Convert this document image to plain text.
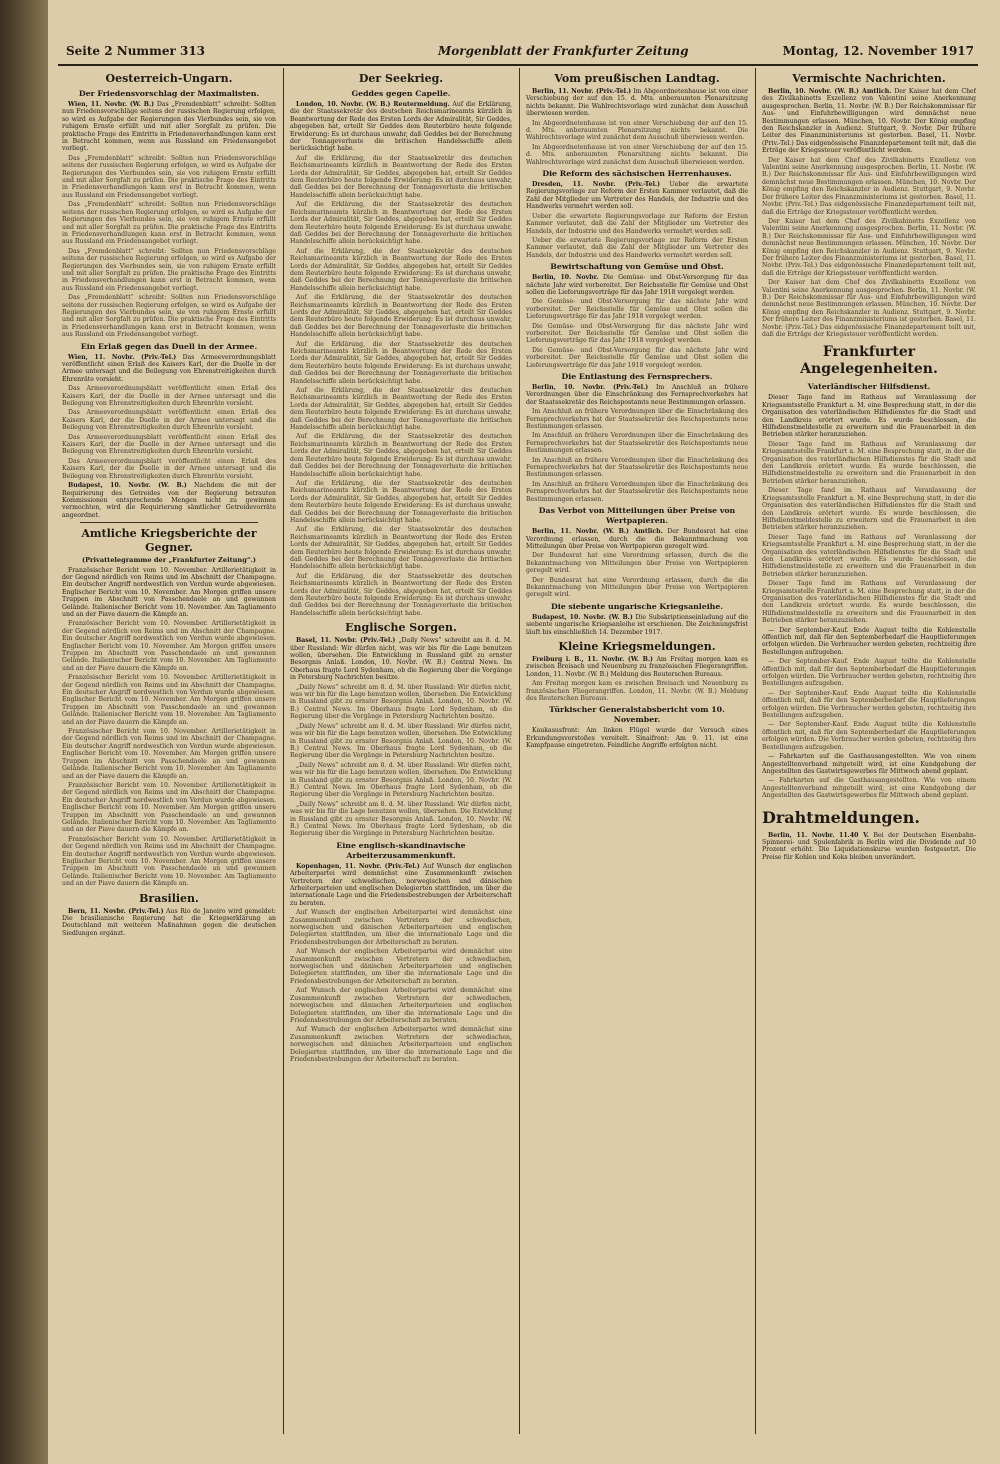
Seite 2 Nummer 313	Morgenblatt der Frankfurter Zeitung	Montag, 12. November 1917
Oesterreich-Ungarn.
Der Friedensvorschlag der Maximalisten.

Wien, 11. Novbr. (W. B.) Das „Fremdenblatt“ schreibt: Sollten nun Friedensvorschläge seitens der russischen Regierung erfolgen, so wird es Aufgabe der Regierungen des Vierbundes sein, sie von ruhigem Ernste erfüllt und mit aller Sorgfalt zu prüfen. Die praktische Frage des Eintritts in Friedensverhandlungen kann erst in Betracht kommen, wenn aus Russland ein Friedensangebot vorliegt.

Das „Fremdenblatt“ schreibt: Sollten nun Friedensvorschläge seitens der russischen Regierung erfolgen, so wird es Aufgabe der Regierungen des Vierbundes sein, sie von ruhigem Ernste erfüllt und mit aller Sorgfalt zu prüfen. Die praktische Frage des Eintritts in Friedensverhandlungen kann erst in Betracht kommen, wenn aus Russland ein Friedensangebot vorliegt.

Das „Fremdenblatt“ schreibt: Sollten nun Friedensvorschläge seitens der russischen Regierung erfolgen, so wird es Aufgabe der Regierungen des Vierbundes sein, sie von ruhigem Ernste erfüllt und mit aller Sorgfalt zu prüfen. Die praktische Frage des Eintritts in Friedensverhandlungen kann erst in Betracht kommen, wenn aus Russland ein Friedensangebot vorliegt.

Das „Fremdenblatt“ schreibt: Sollten nun Friedensvorschläge seitens der russischen Regierung erfolgen, so wird es Aufgabe der Regierungen des Vierbundes sein, sie von ruhigem Ernste erfüllt und mit aller Sorgfalt zu prüfen. Die praktische Frage des Eintritts in Friedensverhandlungen kann erst in Betracht kommen, wenn aus Russland ein Friedensangebot vorliegt.

Das „Fremdenblatt“ schreibt: Sollten nun Friedensvorschläge seitens der russischen Regierung erfolgen, so wird es Aufgabe der Regierungen des Vierbundes sein, sie von ruhigem Ernste erfüllt und mit aller Sorgfalt zu prüfen. Die praktische Frage des Eintritts in Friedensverhandlungen kann erst in Betracht kommen, wenn aus Russland ein Friedensangebot vorliegt.

Ein Erlaß gegen das Duell in der Armee.

Wien, 11. Novbr. (Priv.-Tel.) Das Armeeverordnungsblatt veröffentlicht einen Erlaß des Kaisers Karl, der die Duelle in der Armee untersagt und die Beilegung von Ehrenstreitigkeiten durch Ehrenräte vorsieht.

Das Armeeverordnungsblatt veröffentlicht einen Erlaß des Kaisers Karl, der die Duelle in der Armee untersagt und die Beilegung von Ehrenstreitigkeiten durch Ehrenräte vorsieht.

Das Armeeverordnungsblatt veröffentlicht einen Erlaß des Kaisers Karl, der die Duelle in der Armee untersagt und die Beilegung von Ehrenstreitigkeiten durch Ehrenräte vorsieht.

Das Armeeverordnungsblatt veröffentlicht einen Erlaß des Kaisers Karl, der die Duelle in der Armee untersagt und die Beilegung von Ehrenstreitigkeiten durch Ehrenräte vorsieht.

Das Armeeverordnungsblatt veröffentlicht einen Erlaß des Kaisers Karl, der die Duelle in der Armee untersagt und die Beilegung von Ehrenstreitigkeiten durch Ehrenräte vorsieht.

Budapest, 10. Novbr. (W. B.) Nachdem die mit der Requirierung des Getreides von der Regierung betrauten Kommissionen entsprechende Mengen nicht zu gewinnen vermochten, wird die Requirierung sämtlicher Getreidevorräte angeordnet.

Amtliche Kriegsberichte der Gegner.
(Privattelegramme der „Frankfurter Zeitung“.)

Französischer Bericht vom 10. November. Artillerietätigkeit in der Gegend nördlich von Reims und im Abschnitt der Champagne. Ein deutscher Angriff nordwestlich von Verdun wurde abgewiesen. Englischer Bericht vom 10. November. Am Morgen griffen unsere Truppen im Abschnitt von Passchendaele an und gewannen Gelände. Italienischer Bericht vom 10. November. Am Tagliamento und an der Piave dauern die Kämpfe an.

Französischer Bericht vom 10. November. Artillerietätigkeit in der Gegend nördlich von Reims und im Abschnitt der Champagne. Ein deutscher Angriff nordwestlich von Verdun wurde abgewiesen. Englischer Bericht vom 10. November. Am Morgen griffen unsere Truppen im Abschnitt von Passchendaele an und gewannen Gelände. Italienischer Bericht vom 10. November. Am Tagliamento und an der Piave dauern die Kämpfe an.

Französischer Bericht vom 10. November. Artillerietätigkeit in der Gegend nördlich von Reims und im Abschnitt der Champagne. Ein deutscher Angriff nordwestlich von Verdun wurde abgewiesen. Englischer Bericht vom 10. November. Am Morgen griffen unsere Truppen im Abschnitt von Passchendaele an und gewannen Gelände. Italienischer Bericht vom 10. November. Am Tagliamento und an der Piave dauern die Kämpfe an.

Französischer Bericht vom 10. November. Artillerietätigkeit in der Gegend nördlich von Reims und im Abschnitt der Champagne. Ein deutscher Angriff nordwestlich von Verdun wurde abgewiesen. Englischer Bericht vom 10. November. Am Morgen griffen unsere Truppen im Abschnitt von Passchendaele an und gewannen Gelände. Italienischer Bericht vom 10. November. Am Tagliamento und an der Piave dauern die Kämpfe an.

Französischer Bericht vom 10. November. Artillerietätigkeit in der Gegend nördlich von Reims und im Abschnitt der Champagne. Ein deutscher Angriff nordwestlich von Verdun wurde abgewiesen. Englischer Bericht vom 10. November. Am Morgen griffen unsere Truppen im Abschnitt von Passchendaele an und gewannen Gelände. Italienischer Bericht vom 10. November. Am Tagliamento und an der Piave dauern die Kämpfe an.

Französischer Bericht vom 10. November. Artillerietätigkeit in der Gegend nördlich von Reims und im Abschnitt der Champagne. Ein deutscher Angriff nordwestlich von Verdun wurde abgewiesen. Englischer Bericht vom 10. November. Am Morgen griffen unsere Truppen im Abschnitt von Passchendaele an und gewannen Gelände. Italienischer Bericht vom 10. November. Am Tagliamento und an der Piave dauern die Kämpfe an.

Brasilien.

Bern, 11. Novbr. (Priv.-Tel.) Aus Rio de Janeiro wird gemeldet: Die brasilianische Regierung hat die Kriegserklärung an Deutschland mit weiteren Maßnahmen gegen die deutschen Siedlungen ergänzt.

Der Seekrieg.
Geddes gegen Capelle.

London, 10. Novbr. (W. B.) Reutermeldung. Auf die Erklärung, die der Staatssekretär des deutschen Reichsmarineamts kürzlich in Beantwortung der Rede des Ersten Lords der Admiralität, Sir Geddes, abgegeben hat, erteilt Sir Geddes dem Reuterbüro heute folgende Erwiderung: Es ist durchaus unwahr, daß Geddes bei der Berechnung der Tonnageverluste die britischen Handelsschiffe allein berücksichtigt habe.

Auf die Erklärung, die der Staatssekretär des deutschen Reichsmarineamts kürzlich in Beantwortung der Rede des Ersten Lords der Admiralität, Sir Geddes, abgegeben hat, erteilt Sir Geddes dem Reuterbüro heute folgende Erwiderung: Es ist durchaus unwahr, daß Geddes bei der Berechnung der Tonnageverluste die britischen Handelsschiffe allein berücksichtigt habe.

Auf die Erklärung, die der Staatssekretär des deutschen Reichsmarineamts kürzlich in Beantwortung der Rede des Ersten Lords der Admiralität, Sir Geddes, abgegeben hat, erteilt Sir Geddes dem Reuterbüro heute folgende Erwiderung: Es ist durchaus unwahr, daß Geddes bei der Berechnung der Tonnageverluste die britischen Handelsschiffe allein berücksichtigt habe.

Auf die Erklärung, die der Staatssekretär des deutschen Reichsmarineamts kürzlich in Beantwortung der Rede des Ersten Lords der Admiralität, Sir Geddes, abgegeben hat, erteilt Sir Geddes dem Reuterbüro heute folgende Erwiderung: Es ist durchaus unwahr, daß Geddes bei der Berechnung der Tonnageverluste die britischen Handelsschiffe allein berücksichtigt habe.

Auf die Erklärung, die der Staatssekretär des deutschen Reichsmarineamts kürzlich in Beantwortung der Rede des Ersten Lords der Admiralität, Sir Geddes, abgegeben hat, erteilt Sir Geddes dem Reuterbüro heute folgende Erwiderung: Es ist durchaus unwahr, daß Geddes bei der Berechnung der Tonnageverluste die britischen Handelsschiffe allein berücksichtigt habe.

Auf die Erklärung, die der Staatssekretär des deutschen Reichsmarineamts kürzlich in Beantwortung der Rede des Ersten Lords der Admiralität, Sir Geddes, abgegeben hat, erteilt Sir Geddes dem Reuterbüro heute folgende Erwiderung: Es ist durchaus unwahr, daß Geddes bei der Berechnung der Tonnageverluste die britischen Handelsschiffe allein berücksichtigt habe.

Auf die Erklärung, die der Staatssekretär des deutschen Reichsmarineamts kürzlich in Beantwortung der Rede des Ersten Lords der Admiralität, Sir Geddes, abgegeben hat, erteilt Sir Geddes dem Reuterbüro heute folgende Erwiderung: Es ist durchaus unwahr, daß Geddes bei der Berechnung der Tonnageverluste die britischen Handelsschiffe allein berücksichtigt habe.

Auf die Erklärung, die der Staatssekretär des deutschen Reichsmarineamts kürzlich in Beantwortung der Rede des Ersten Lords der Admiralität, Sir Geddes, abgegeben hat, erteilt Sir Geddes dem Reuterbüro heute folgende Erwiderung: Es ist durchaus unwahr, daß Geddes bei der Berechnung der Tonnageverluste die britischen Handelsschiffe allein berücksichtigt habe.

Auf die Erklärung, die der Staatssekretär des deutschen Reichsmarineamts kürzlich in Beantwortung der Rede des Ersten Lords der Admiralität, Sir Geddes, abgegeben hat, erteilt Sir Geddes dem Reuterbüro heute folgende Erwiderung: Es ist durchaus unwahr, daß Geddes bei der Berechnung der Tonnageverluste die britischen Handelsschiffe allein berücksichtigt habe.

Auf die Erklärung, die der Staatssekretär des deutschen Reichsmarineamts kürzlich in Beantwortung der Rede des Ersten Lords der Admiralität, Sir Geddes, abgegeben hat, erteilt Sir Geddes dem Reuterbüro heute folgende Erwiderung: Es ist durchaus unwahr, daß Geddes bei der Berechnung der Tonnageverluste die britischen Handelsschiffe allein berücksichtigt habe.

Auf die Erklärung, die der Staatssekretär des deutschen Reichsmarineamts kürzlich in Beantwortung der Rede des Ersten Lords der Admiralität, Sir Geddes, abgegeben hat, erteilt Sir Geddes dem Reuterbüro heute folgende Erwiderung: Es ist durchaus unwahr, daß Geddes bei der Berechnung der Tonnageverluste die britischen Handelsschiffe allein berücksichtigt habe.

Englische Sorgen.

Basel, 11. Novbr. (Priv.-Tel.) „Daily News“ schreibt am 8. d. M. über Russland: Wir dürfen nicht, was wir bis für die Lage benutzen wollen, übersehen. Die Entwicklung in Russland gibt zu ernster Besorgnis Anlaß. London, 10. Novbr. (W. B.) Central News. Im Oberhaus fragte Lord Sydenham, ob die Regierung über die Vorgänge in Petersburg Nachrichten besitze.

„Daily News“ schreibt am 8. d. M. über Russland: Wir dürfen nicht, was wir bis für die Lage benutzen wollen, übersehen. Die Entwicklung in Russland gibt zu ernster Besorgnis Anlaß. London, 10. Novbr. (W. B.) Central News. Im Oberhaus fragte Lord Sydenham, ob die Regierung über die Vorgänge in Petersburg Nachrichten besitze.

„Daily News“ schreibt am 8. d. M. über Russland: Wir dürfen nicht, was wir bis für die Lage benutzen wollen, übersehen. Die Entwicklung in Russland gibt zu ernster Besorgnis Anlaß. London, 10. Novbr. (W. B.) Central News. Im Oberhaus fragte Lord Sydenham, ob die Regierung über die Vorgänge in Petersburg Nachrichten besitze.

„Daily News“ schreibt am 8. d. M. über Russland: Wir dürfen nicht, was wir bis für die Lage benutzen wollen, übersehen. Die Entwicklung in Russland gibt zu ernster Besorgnis Anlaß. London, 10. Novbr. (W. B.) Central News. Im Oberhaus fragte Lord Sydenham, ob die Regierung über die Vorgänge in Petersburg Nachrichten besitze.

„Daily News“ schreibt am 8. d. M. über Russland: Wir dürfen nicht, was wir bis für die Lage benutzen wollen, übersehen. Die Entwicklung in Russland gibt zu ernster Besorgnis Anlaß. London, 10. Novbr. (W. B.) Central News. Im Oberhaus fragte Lord Sydenham, ob die Regierung über die Vorgänge in Petersburg Nachrichten besitze.

Eine englisch-skandinavische Arbeiterzusammenkunft.

Kopenhagen, 11. Novbr. (Priv.-Tel.) Auf Wunsch der englischen Arbeiterpartei wird demnächst eine Zusammenkunft zwischen Vertretern der schwedischen, norwegischen und dänischen Arbeiterparteien und englischen Delegierten stattfinden, um über die internationale Lage und die Friedensbestrebungen der Arbeiterschaft zu beraten.

Auf Wunsch der englischen Arbeiterpartei wird demnächst eine Zusammenkunft zwischen Vertretern der schwedischen, norwegischen und dänischen Arbeiterparteien und englischen Delegierten stattfinden, um über die internationale Lage und die Friedensbestrebungen der Arbeiterschaft zu beraten.

Auf Wunsch der englischen Arbeiterpartei wird demnächst eine Zusammenkunft zwischen Vertretern der schwedischen, norwegischen und dänischen Arbeiterparteien und englischen Delegierten stattfinden, um über die internationale Lage und die Friedensbestrebungen der Arbeiterschaft zu beraten.

Auf Wunsch der englischen Arbeiterpartei wird demnächst eine Zusammenkunft zwischen Vertretern der schwedischen, norwegischen und dänischen Arbeiterparteien und englischen Delegierten stattfinden, um über die internationale Lage und die Friedensbestrebungen der Arbeiterschaft zu beraten.

Auf Wunsch der englischen Arbeiterpartei wird demnächst eine Zusammenkunft zwischen Vertretern der schwedischen, norwegischen und dänischen Arbeiterparteien und englischen Delegierten stattfinden, um über die internationale Lage und die Friedensbestrebungen der Arbeiterschaft zu beraten.

Vom preußischen Landtag.

Berlin, 11. Novbr. (Priv.-Tel.) Im Abgeordnetenhause ist von einer Verschiebung der auf den 15. d. Mts. anberaumten Plenarsitzung nichts bekannt. Die Wahlrechtsvorlage wird zunächst dem Ausschuß überwiesen werden.

Im Abgeordnetenhause ist von einer Verschiebung der auf den 15. d. Mts. anberaumten Plenarsitzung nichts bekannt. Die Wahlrechtsvorlage wird zunächst dem Ausschuß überwiesen werden.

Im Abgeordnetenhause ist von einer Verschiebung der auf den 15. d. Mts. anberaumten Plenarsitzung nichts bekannt. Die Wahlrechtsvorlage wird zunächst dem Ausschuß überwiesen werden.

Die Reform des sächsischen Herrenhauses.

Dresden, 11. Novbr. (Priv.-Tel.) Ueber die erwartete Regierungsvorlage zur Reform der Ersten Kammer verlautet, daß die Zahl der Mitglieder um Vertreter des Handels, der Industrie und des Handwerks vermehrt werden soll.

Ueber die erwartete Regierungsvorlage zur Reform der Ersten Kammer verlautet, daß die Zahl der Mitglieder um Vertreter des Handels, der Industrie und des Handwerks vermehrt werden soll.

Ueber die erwartete Regierungsvorlage zur Reform der Ersten Kammer verlautet, daß die Zahl der Mitglieder um Vertreter des Handels, der Industrie und des Handwerks vermehrt werden soll.

Bewirtschaftung von Gemüse und Obst.

Berlin, 10. Novbr. Die Gemüse- und Obst-Versorgung für das nächste Jahr wird vorbereitet. Der Reichsstelle für Gemüse und Obst sollen die Lieferungsverträge für das Jahr 1918 vorgelegt werden.

Die Gemüse- und Obst-Versorgung für das nächste Jahr wird vorbereitet. Der Reichsstelle für Gemüse und Obst sollen die Lieferungsverträge für das Jahr 1918 vorgelegt werden.

Die Gemüse- und Obst-Versorgung für das nächste Jahr wird vorbereitet. Der Reichsstelle für Gemüse und Obst sollen die Lieferungsverträge für das Jahr 1918 vorgelegt werden.

Die Gemüse- und Obst-Versorgung für das nächste Jahr wird vorbereitet. Der Reichsstelle für Gemüse und Obst sollen die Lieferungsverträge für das Jahr 1918 vorgelegt werden.

Die Entlastung des Fernsprechers.

Berlin, 10. Novbr. (Priv.-Tel.) Im Anschluß an frühere Verordnungen über die Einschränkung des Fernsprechverkehrs hat der Staatssekretär des Reichspostamts neue Bestimmungen erlassen.

Im Anschluß an frühere Verordnungen über die Einschränkung des Fernsprechverkehrs hat der Staatssekretär des Reichspostamts neue Bestimmungen erlassen.

Im Anschluß an frühere Verordnungen über die Einschränkung des Fernsprechverkehrs hat der Staatssekretär des Reichspostamts neue Bestimmungen erlassen.

Im Anschluß an frühere Verordnungen über die Einschränkung des Fernsprechverkehrs hat der Staatssekretär des Reichspostamts neue Bestimmungen erlassen.

Im Anschluß an frühere Verordnungen über die Einschränkung des Fernsprechverkehrs hat der Staatssekretär des Reichspostamts neue Bestimmungen erlassen.

Das Verbot von Mitteilungen über Preise von Wertpapieren.

Berlin, 11. Novbr. (W. B.) Amtlich. Der Bundesrat hat eine Verordnung erlassen, durch die die Bekanntmachung von Mitteilungen über Preise von Wertpapieren geregelt wird.

Der Bundesrat hat eine Verordnung erlassen, durch die die Bekanntmachung von Mitteilungen über Preise von Wertpapieren geregelt wird.

Der Bundesrat hat eine Verordnung erlassen, durch die die Bekanntmachung von Mitteilungen über Preise von Wertpapieren geregelt wird.

Die siebente ungarische Kriegsanleihe.

Budapest, 10. Novbr. (W. B.) Die Subskriptionseinladung auf die siebente ungarische Kriegsanleihe ist erschienen. Die Zeichnungsfrist läuft bis einschließlich 14. Dezember 1917.

Kleine Kriegsmeldungen.

Freiburg i. B., 11. Novbr. (W. B.) Am Freitag morgen kam es zwischen Breisach und Neuenburg zu französischen Fliegerangriffen. London, 11. Novbr. (W. B.) Meldung des Reuterschen Bureaus.

Am Freitag morgen kam es zwischen Breisach und Neuenburg zu französischen Fliegerangriffen. London, 11. Novbr. (W. B.) Meldung des Reuterschen Bureaus.

Türkischer Generalstabsbericht vom 10. November.

Kaukasusfront: Am linken Flügel wurde der Versuch eines Erkundungsvorstoßes vereitelt. Sinaifront: Am 9. 11. ist eine Kampfpause eingetreten. Feindliche Angriffe erfolgten nicht.

Vermischte Nachrichten.

Berlin, 10. Novbr. (W. B.) Amtlich. Der Kaiser hat dem Chef des Zivilkabinetts Exzellenz von Valentini seine Anerkennung ausgesprochen. Berlin, 11. Novbr. (W. B.) Der Reichskommissar für Aus- und Einfuhrbewilligungen wird demnächst neue Bestimmungen erlassen. München, 10. Novbr. Der König empfing den Reichskanzler in Audienz. Stuttgart, 9. Novbr. Der frühere Leiter des Finanzministeriums ist gestorben. Basel, 11. Novbr. (Priv.-Tel.) Das eidgenössische Finanzdepartement teilt mit, daß die Erträge der Kriegssteuer veröffentlicht werden.

Der Kaiser hat dem Chef des Zivilkabinetts Exzellenz von Valentini seine Anerkennung ausgesprochen. Berlin, 11. Novbr. (W. B.) Der Reichskommissar für Aus- und Einfuhrbewilligungen wird demnächst neue Bestimmungen erlassen. München, 10. Novbr. Der König empfing den Reichskanzler in Audienz. Stuttgart, 9. Novbr. Der frühere Leiter des Finanzministeriums ist gestorben. Basel, 11. Novbr. (Priv.-Tel.) Das eidgenössische Finanzdepartement teilt mit, daß die Erträge der Kriegssteuer veröffentlicht werden.

Der Kaiser hat dem Chef des Zivilkabinetts Exzellenz von Valentini seine Anerkennung ausgesprochen. Berlin, 11. Novbr. (W. B.) Der Reichskommissar für Aus- und Einfuhrbewilligungen wird demnächst neue Bestimmungen erlassen. München, 10. Novbr. Der König empfing den Reichskanzler in Audienz. Stuttgart, 9. Novbr. Der frühere Leiter des Finanzministeriums ist gestorben. Basel, 11. Novbr. (Priv.-Tel.) Das eidgenössische Finanzdepartement teilt mit, daß die Erträge der Kriegssteuer veröffentlicht werden.

Der Kaiser hat dem Chef des Zivilkabinetts Exzellenz von Valentini seine Anerkennung ausgesprochen. Berlin, 11. Novbr. (W. B.) Der Reichskommissar für Aus- und Einfuhrbewilligungen wird demnächst neue Bestimmungen erlassen. München, 10. Novbr. Der König empfing den Reichskanzler in Audienz. Stuttgart, 9. Novbr. Der frühere Leiter des Finanzministeriums ist gestorben. Basel, 11. Novbr. (Priv.-Tel.) Das eidgenössische Finanzdepartement teilt mit, daß die Erträge der Kriegssteuer veröffentlicht werden.

Frankfurter Angelegenheiten.
Vaterländischer Hilfsdienst.

Dieser Tage fand im Rathaus auf Veranlassung der Kriegsamtsstelle Frankfurt a. M. eine Besprechung statt, in der die Organisation des vaterländischen Hilfsdienstes für die Stadt und den Landkreis erörtert wurde. Es wurde beschlossen, die Hilfsdienstmeldestelle zu erweitern und die Frauenarbeit in den Betrieben stärker heranzuziehen.

Dieser Tage fand im Rathaus auf Veranlassung der Kriegsamtsstelle Frankfurt a. M. eine Besprechung statt, in der die Organisation des vaterländischen Hilfsdienstes für die Stadt und den Landkreis erörtert wurde. Es wurde beschlossen, die Hilfsdienstmeldestelle zu erweitern und die Frauenarbeit in den Betrieben stärker heranzuziehen.

Dieser Tage fand im Rathaus auf Veranlassung der Kriegsamtsstelle Frankfurt a. M. eine Besprechung statt, in der die Organisation des vaterländischen Hilfsdienstes für die Stadt und den Landkreis erörtert wurde. Es wurde beschlossen, die Hilfsdienstmeldestelle zu erweitern und die Frauenarbeit in den Betrieben stärker heranzuziehen.

Dieser Tage fand im Rathaus auf Veranlassung der Kriegsamtsstelle Frankfurt a. M. eine Besprechung statt, in der die Organisation des vaterländischen Hilfsdienstes für die Stadt und den Landkreis erörtert wurde. Es wurde beschlossen, die Hilfsdienstmeldestelle zu erweitern und die Frauenarbeit in den Betrieben stärker heranzuziehen.

Dieser Tage fand im Rathaus auf Veranlassung der Kriegsamtsstelle Frankfurt a. M. eine Besprechung statt, in der die Organisation des vaterländischen Hilfsdienstes für die Stadt und den Landkreis erörtert wurde. Es wurde beschlossen, die Hilfsdienstmeldestelle zu erweitern und die Frauenarbeit in den Betrieben stärker heranzuziehen.

— Der September-Kauf. Ende August teilte die Kohlenstelle öffentlich mit, daß für den Septemberbedarf die Hauptlieferungen erfolgen würden. Die Verbraucher werden gebeten, rechtzeitig ihre Bestellungen aufzugeben.

— Der September-Kauf. Ende August teilte die Kohlenstelle öffentlich mit, daß für den Septemberbedarf die Hauptlieferungen erfolgen würden. Die Verbraucher werden gebeten, rechtzeitig ihre Bestellungen aufzugeben.

— Der September-Kauf. Ende August teilte die Kohlenstelle öffentlich mit, daß für den Septemberbedarf die Hauptlieferungen erfolgen würden. Die Verbraucher werden gebeten, rechtzeitig ihre Bestellungen aufzugeben.

— Der September-Kauf. Ende August teilte die Kohlenstelle öffentlich mit, daß für den Septemberbedarf die Hauptlieferungen erfolgen würden. Die Verbraucher werden gebeten, rechtzeitig ihre Bestellungen aufzugeben.

— Fahrkarten auf die Gasthausangestellten. Wie von einem Angestelltenverband mitgeteilt wird, ist eine Kundgebung der Angestellten des Gastwirtsgewerbes für Mittwoch abend geplant.

— Fahrkarten auf die Gasthausangestellten. Wie von einem Angestelltenverband mitgeteilt wird, ist eine Kundgebung der Angestellten des Gastwirtsgewerbes für Mittwoch abend geplant.

Drahtmeldungen.

Berlin, 11. Novbr. 11.40 V. Bei der Deutschen Eisenbahn-Spinnerei- und Spulenfabrik in Berlin wird die Dividende auf 10 Prozent erhöht. Die Liquidationskurse wurden festgesetzt. Die Preise für Kohlen und Koks bleiben unverändert.
